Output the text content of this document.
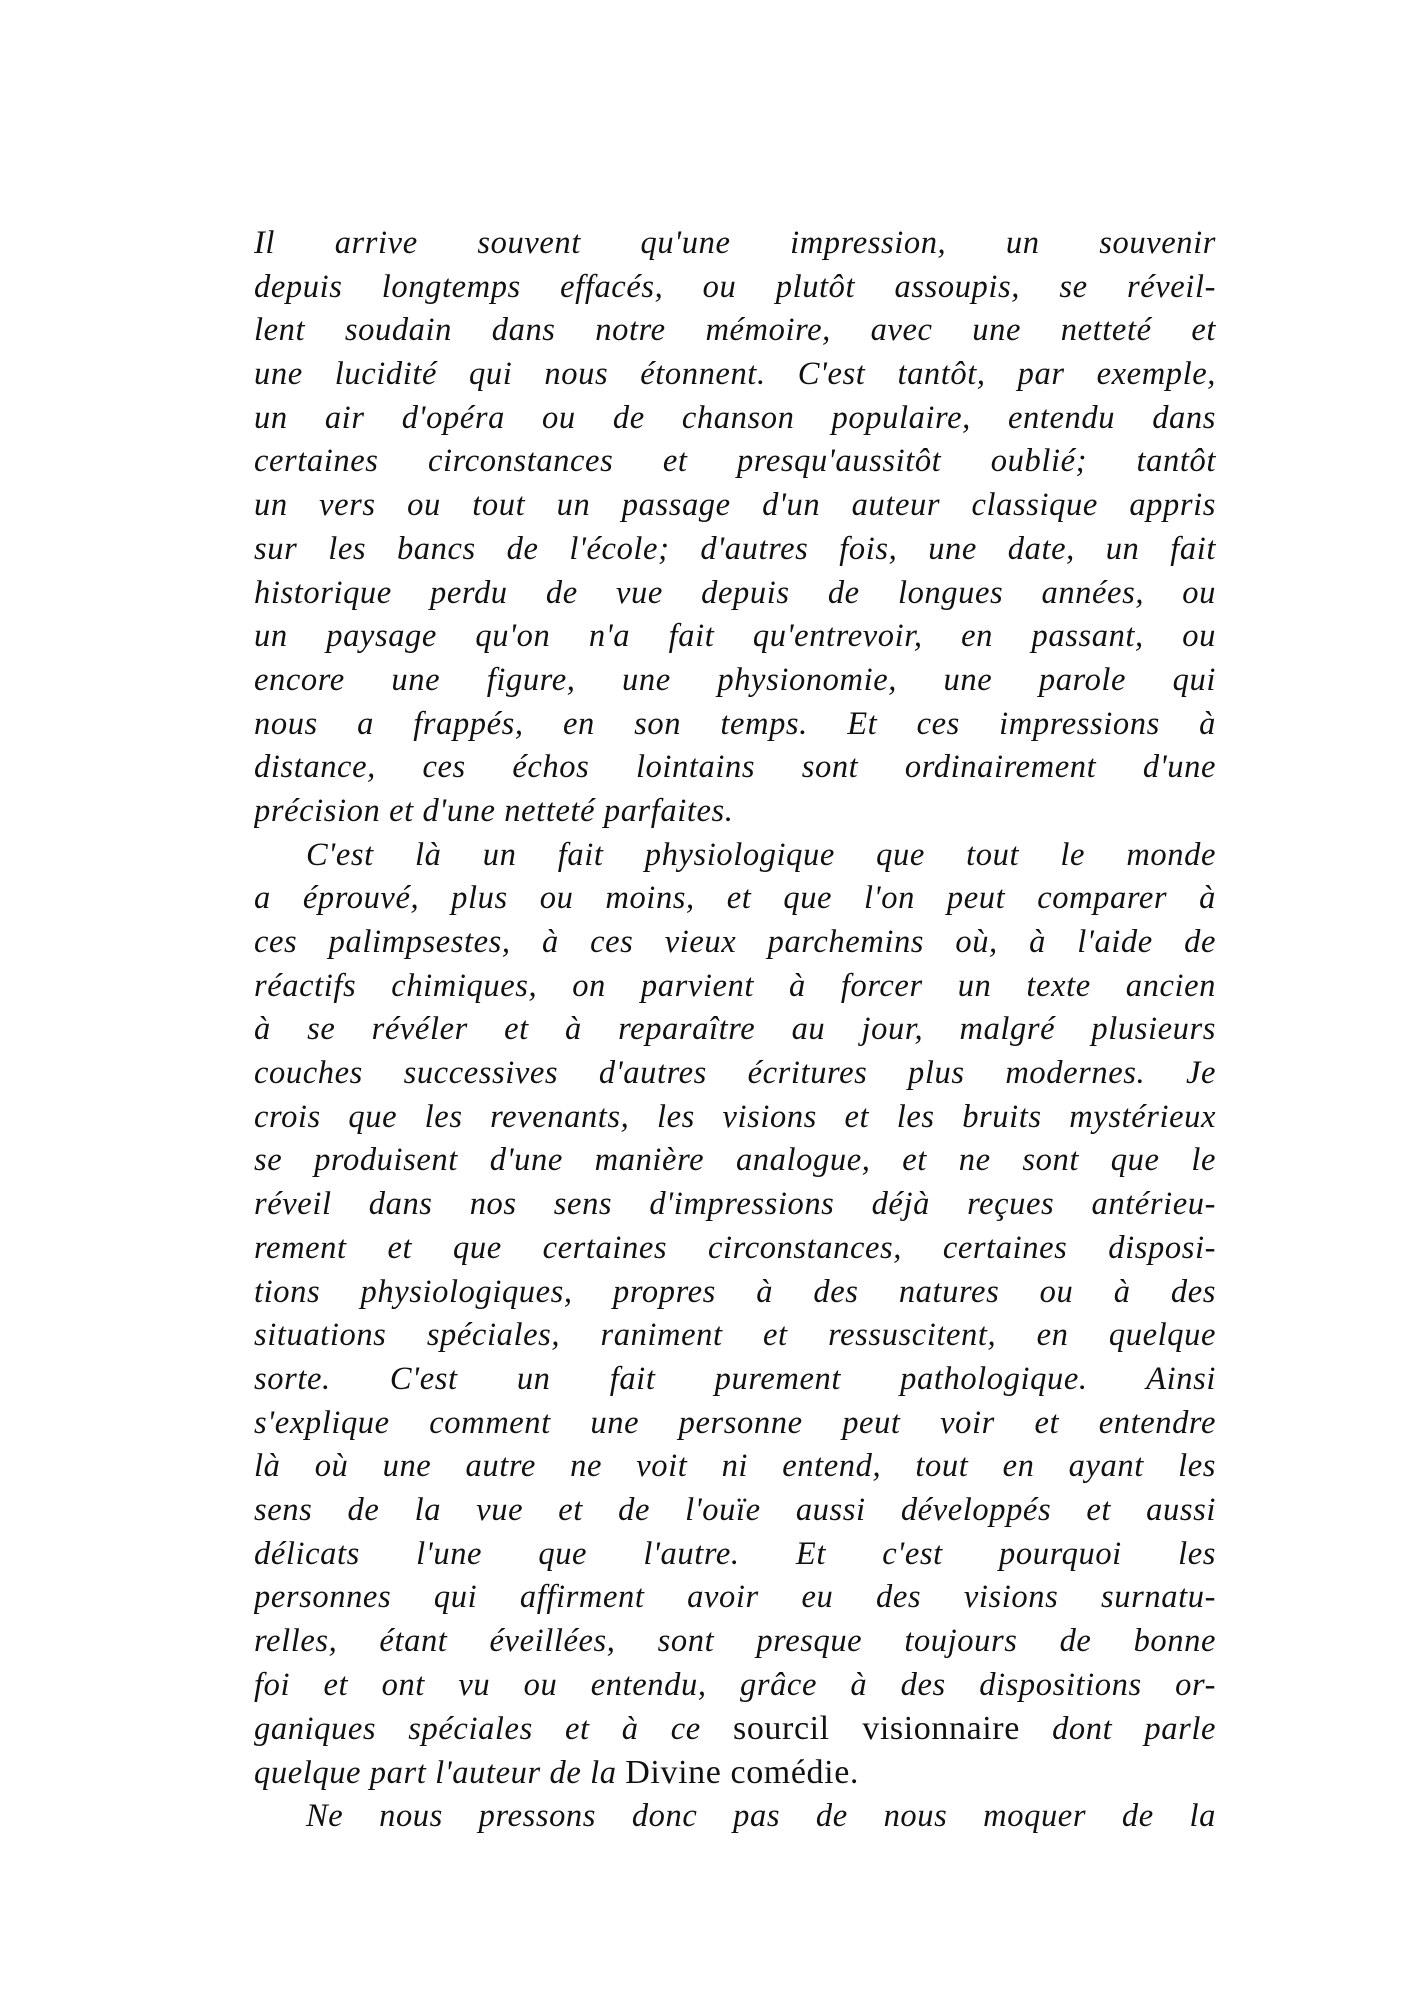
Il arrive souvent qu'une impression, un souvenir
depuis longtemps effacés, ou plutôt assoupis, se réveil-
lent soudain dans notre mémoire, avec une netteté et
une lucidité qui nous étonnent. C'est tantôt, par exemple,
un air d'opéra ou de chanson populaire, entendu dans
certaines circonstances et presqu'aussitôt oublié; tantôt
un vers ou tout un passage d'un auteur classique appris
sur les bancs de l'école; d'autres fois, une date, un fait
historique perdu de vue depuis de longues années, ou
un paysage qu'on n'a fait qu'entrevoir, en passant, ou
encore une figure, une physionomie, une parole qui
nous a frappés, en son temps. Et ces impressions à
distance, ces échos lointains sont ordinairement d'une
précision et d'une netteté parfaites.
C'est là un fait physiologique que tout le monde
a éprouvé, plus ou moins, et que l'on peut comparer à
ces palimpsestes, à ces vieux parchemins où, à l'aide de
réactifs chimiques, on parvient à forcer un texte ancien
à se révéler et à reparaître au jour, malgré plusieurs
couches successives d'autres écritures plus modernes. Je
crois que les revenants, les visions et les bruits mystérieux
se produisent d'une manière analogue, et ne sont que le
réveil dans nos sens d'impressions déjà reçues antérieu-
rement et que certaines circonstances, certaines disposi-
tions physiologiques, propres à des natures ou à des
situations spéciales, raniment et ressuscitent, en quelque
sorte. C'est un fait purement pathologique. Ainsi
s'explique comment une personne peut voir et entendre
là où une autre ne voit ni entend, tout en ayant les
sens de la vue et de l'ouïe aussi développés et aussi
délicats l'une que l'autre. Et c'est pourquoi les
personnes qui affirment avoir eu des visions surnatu-
relles, étant éveillées, sont presque toujours de bonne
foi et ont vu ou entendu, grâce à des dispositions or-
ganiques spéciales et à ce sourcil visionnaire dont parle
quelque part l'auteur de la Divine comédie.
Ne nous pressons donc pas de nous moquer de la
